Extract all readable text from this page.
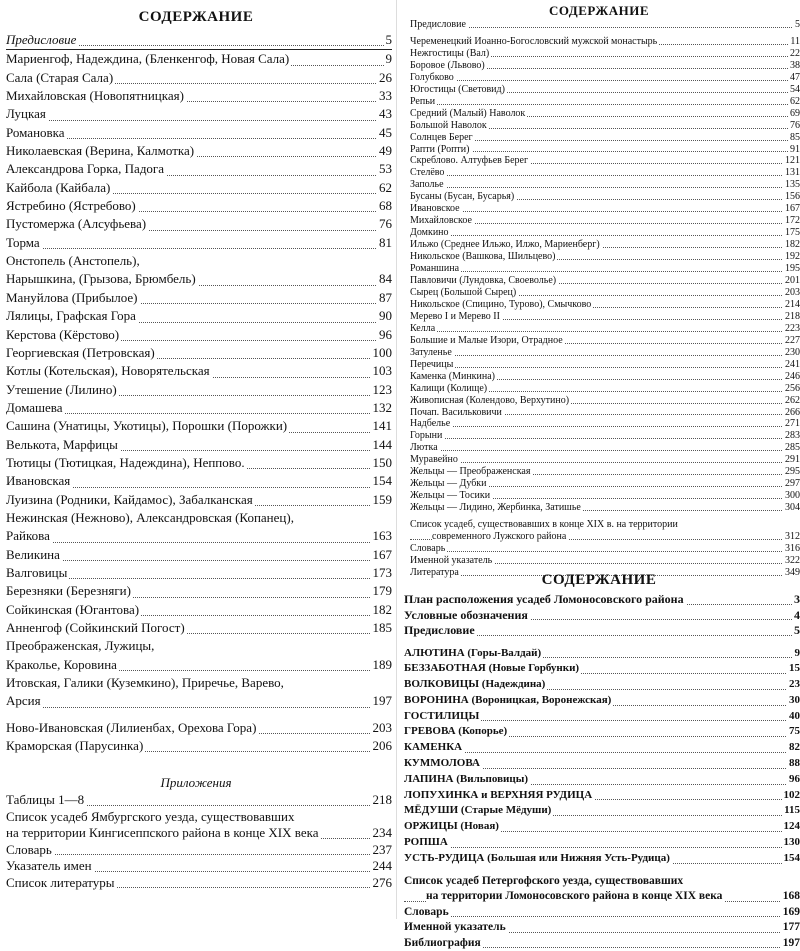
СОДЕРЖАНИЕ
Предисловие	5
Мариенгоф, Надеждина, (Бленкенгоф, Новая Сала)	9
Сала (Старая Сала)	26
Михайловская (Новопятницкая)	33
Луцкая	43
Романовка	45
Николаевская (Верина, Калмотка)	49
Александрова Горка, Падога	53
Кайбола (Кайбала)	62
Ястребино (Ястребово)	68
Пустомержа (Алсуфьева)	76
Торма	81
Онстопель (Анстопель),
Нарышкина, (Грызова, Брюмбель)	84
Мануйлова (Прибылое)	87
Лялицы, Графская Гора	90
Керстова (Кёрстово)	96
Георгиевская (Петровская)	100
Котлы (Котельская), Новорятельская	103
Утешение (Лилино)	123
Домашева	132
Сашина (Унатицы, Укотицы), Порошки (Порожки)	141
Велькота, Марфицы	144
Тютицы (Тютицкая, Надеждина), Неппово.	150
Ивановская	154
Луизина (Родники, Кайдамос), Забалканская	159
Нежинская (Нежново), Александровская (Копанец),
Райкова	163
Великина	167
Валговицы	173
Березняки (Березняги)	179
Сойкинская (Югантова)	182
Анненгоф (Сойкинский Погост)	185
Преображенская, Лужицы,
Краколье, Коровина	189
Итовская, Галики (Куземкино), Приречье, Варево,
Арсия	197
Ново-Ивановская (Лилиенбах, Орехова Гора)	203
Краморская (Парусинка)	206
Приложения
Таблицы 1—8	218
Список усадеб Ямбургского уезда, существовавших
на территории Кингисеппского района в конце XIX века	234
Словарь	237
Указатель имен	244
Список литературы	276
СОДЕРЖАНИЕ
Предисловие	5
Череменецкий Иоанно-Богословский мужской монастырь	11
Нежгостицы (Вал)	22
Боровое (Львово)	38
Голубково	47
Югостицы (Световид)	54
Репьи	62
Средний (Малый) Наволок	69
Большой Наволок	76
Солнцев Берег	85
Рапти (Ропти)	91
Скреблово. Алтуфьев Берег	121
Стелёво	131
Заполье	135
Бусаны (Бусан, Бусарья)	156
Ивановское	167
Михайловское	172
Домкино	175
Ильжо (Среднее Ильжо, Илжо, Мариенберг)	182
Никольское (Вашкова, Шильцево)	192
Романшина	195
Павловичи (Лундовка, Своеволье)	201
Сырец (Большой Сырец)	203
Никольское (Спицино, Турово), Смычково	214
Мерево I и Мерево II	218
Келла	223
Большие и Малые Изори, Отрадное	227
Затуленье	230
Перечицы	241
Каменка (Минкина)	246
Калищи (Колище)	256
Живописная (Колендово, Верхутино)	262
Почап. Васильковичи	266
Надбелье	271
Горыни	283
Лютка	285
Муравейно	291
Жельцы — Преображенская	295
Жельцы — Дубки	297
Жельцы — Тосики	300
Жельцы — Лидино, Жербинка, Затишье	304
Список усадеб, существовавших в конце XIX в. на территории
современного Лужского района	312
Словарь	316
Именной указатель	322
Литература	349
СОДЕРЖАНИЕ
План расположения усадеб Ломоносовского района	3
Условные обозначения	4
Предисловие	5
АЛЮТИНА (Горы-Валдай)	9
БЕЗЗАБОТНАЯ (Новые Горбунки)	15
ВОЛКОВИЦЫ (Надеждина)	23
ВОРОНИНА (Вороницкая, Воронежская)	30
ГОСТИЛИЦЫ	40
ГРЕВОВА (Копорье)	75
КАМЕНКА	82
КУММОЛОВА	88
ЛАПИНА (Вильповицы)	96
ЛОПУХИНКА и ВЕРХНЯЯ РУДИЦА	102
МЁДУШИ (Старые Мёдуши)	115
ОРЖИЦЫ (Новая)	124
РОПША	130
УСТЬ-РУДИЦА (Большая или Нижняя Усть-Рудица)	154
Список усадеб Петергофского уезда, существовавших
на территории Ломоносовского района в конце XIX века	168
Словарь	169
Именной указатель	177
Библиография	197
